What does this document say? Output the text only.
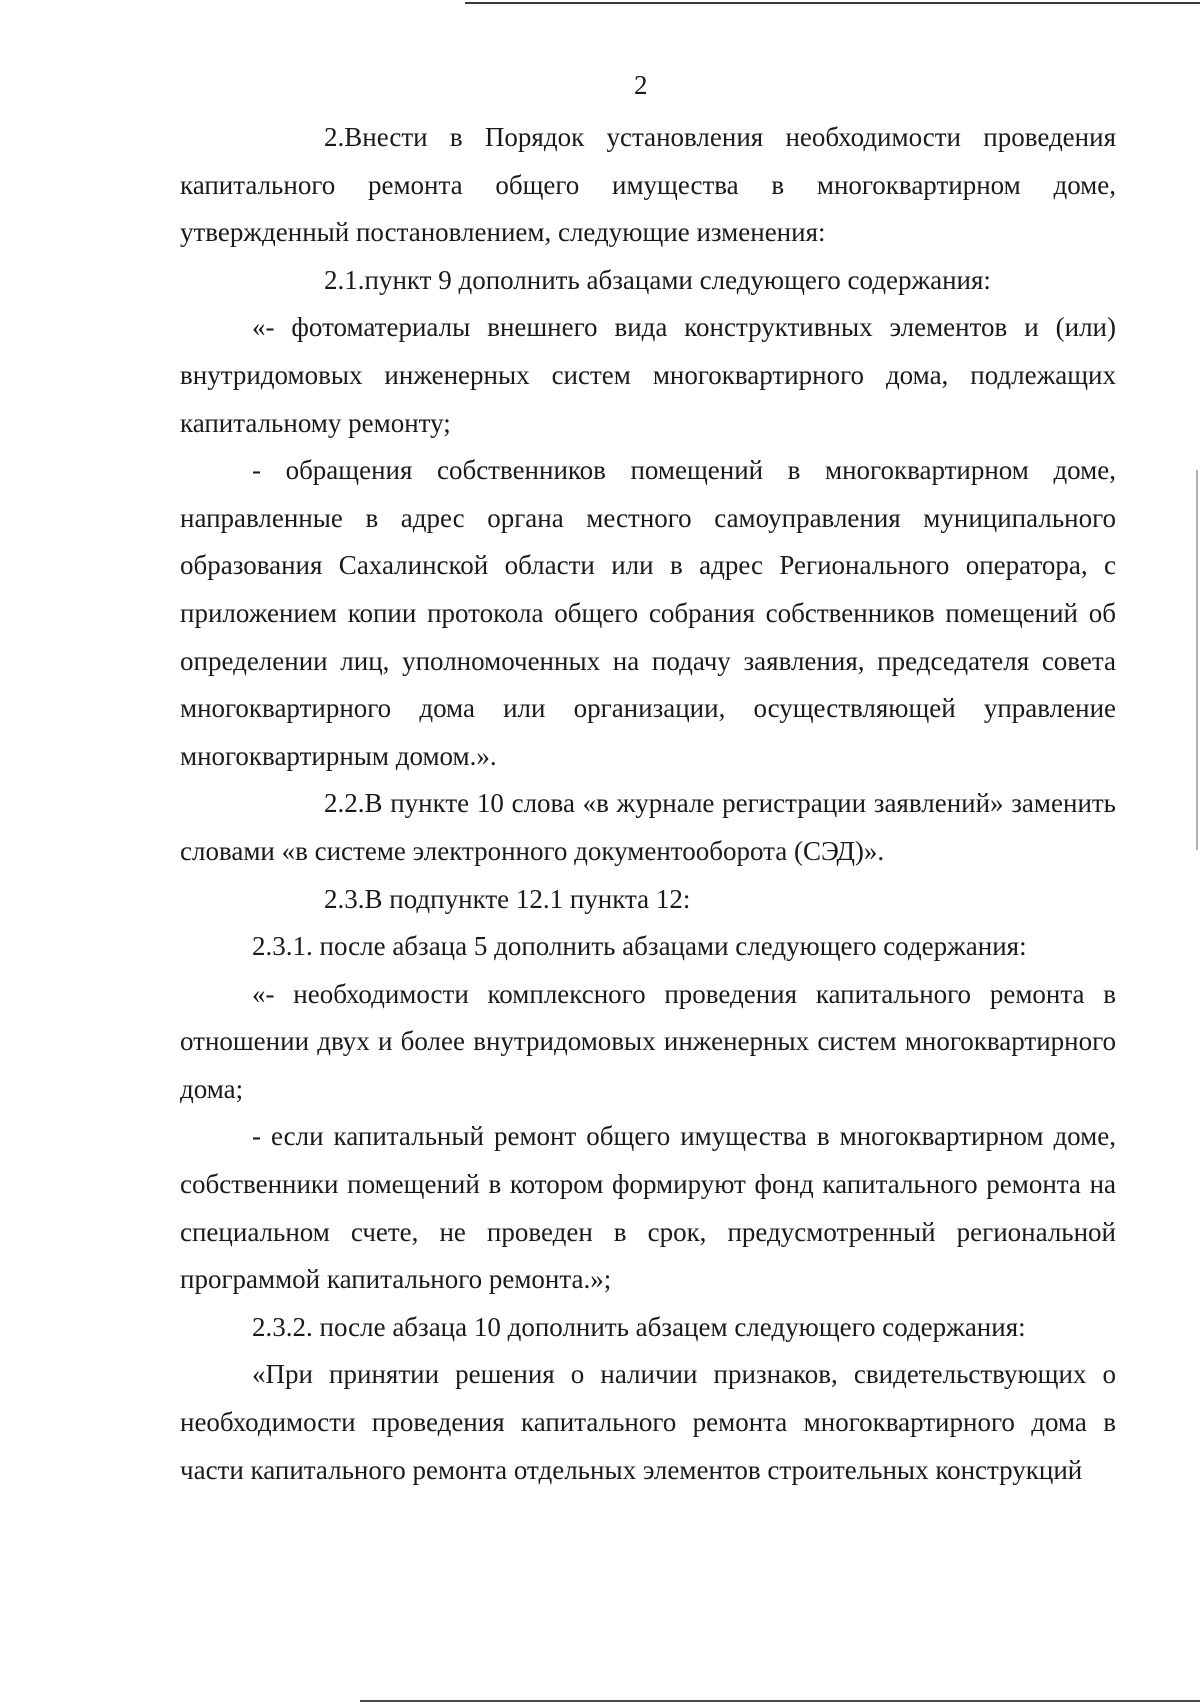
2

2.Внести в Порядок установления необходимости проведения капитального ремонта общего имущества в многоквартирном доме, утвержденный постановлением, следующие изменения:

2.1.пункт 9 дополнить абзацами следующего содержания:

«- фотоматериалы внешнего вида конструктивных элементов и (или) внутридомовых инженерных систем многоквартирного дома, подлежащих капитальному ремонту;

- обращения собственников помещений в многоквартирном доме, направленные в адрес органа местного самоуправления муниципального образования Сахалинской области или в адрес Регионального оператора, с приложением копии протокола общего собрания собственников помещений об определении лиц, уполномоченных на подачу заявления, председателя совета многоквартирного дома или организации, осуществляющей управление многоквартирным домом.».

2.2.В пункте 10 слова «в журнале регистрации заявлений» заменить словами «в системе электронного документооборота (СЭД)».

2.3.В подпункте 12.1 пункта 12:

2.3.1. после абзаца 5 дополнить абзацами следующего содержания:

«- необходимости комплексного проведения капитального ремонта в отношении двух и более внутридомовых инженерных систем многоквартирного дома;

- если капитальный ремонт общего имущества в многоквартирном доме, собственники помещений в котором формируют фонд капитального ремонта на специальном счете, не проведен в срок, предусмотренный региональной программой капитального ремонта.»;

2.3.2. после абзаца 10 дополнить абзацем следующего содержания:

«При принятии решения о наличии признаков, свидетельствующих о необходимости проведения капитального ремонта многоквартирного дома в части капитального ремонта отдельных элементов строительных конструкций
